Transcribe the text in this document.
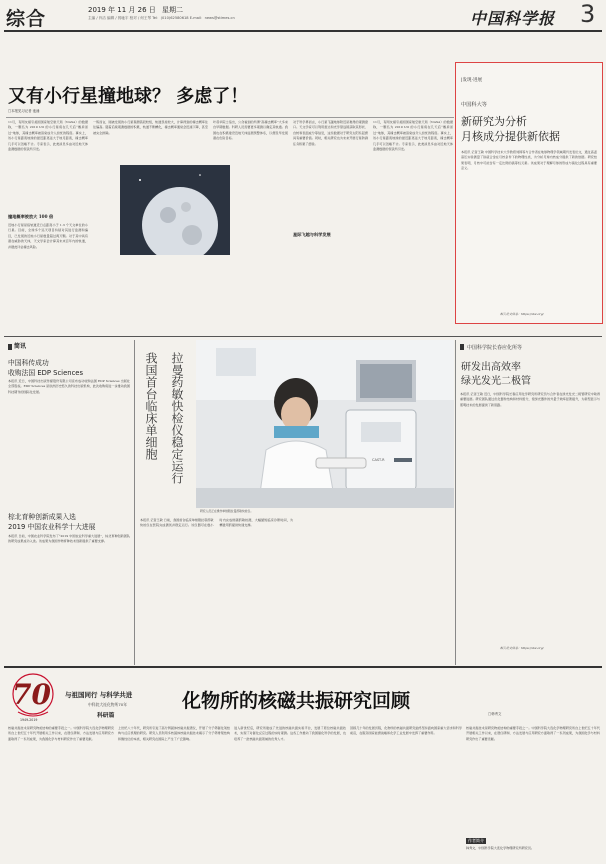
综合	2019 年 11 月 26 日 星期二
主编 / 肖洁 编辑 / 郭驰宇 校对 / 何王琴 Tel：(010)62580618 E-mail：news@stimes.cn	中国科学报 3
又有小行星撞地球？ 多虑了！
□本报见习记者 池涌
11月，有网友援引美国国家航空航天局（NASA）的数据称，一颗名为 2019 UO 的小行星将在几天后“擦肩而过”地球，其撞击概率被渲染成令人担忧的程度。事实上，该小行星距离地球的最近距离远大于地月距离，撞击概率几乎可以忽略不计。专家表示，此类消息多由对近地天体监测数据的误读所引发。
撞地概率被放大 100 倍
近地小行星是指轨道近日点距离小于 1.3 个天文单位的小行星。目前，全球多个巡天项目持续对其进行监测和编目，已发现的近地小行星数量超过两万颗。对于其中具有潜在威胁的天体，天文学家会计算其未来百年内的轨道，并据此评估撞击风险。
一般而言，刚被发现的小行星观测弧段较短，轨道误差较大，计算得到的撞击概率往往偏高。随着后续观测数据的积累，轨道不断精化，撞击概率通常会迅速下降，甚至被完全排除。
叶叔华院士指出，公众看到的所谓“高撞击概率”大多来自早期数据。科研人员需要更多观测以确定其轨道。我国也在积极建设近地天体监测预警体系，以便及早发现潜在危险目标。
星际飞越与科学发展
对于科学界而言，小行星飞越地球附近是难得的观测窗口。天文学家可以利用雷达和光学望远镜获取其形状、自转和表面成分等信息，这些数据对于研究太阳系起源具有重要价值。同时，相关研究也为未来开展行星防御任务积累了经验。
11月，有网友援引美国国家航空航天局（NASA）的数据称，一颗名为 2019 UO 的小行星将在几天后“擦肩而过”地球，其撞击概率被渲染成令人担忧的程度。事实上，该小行星距离地球的最近距离远大于地月距离，撞击概率几乎可以忽略不计。专家表示，此类消息多由对近地天体监测数据的误读所引发。
|发现·进展
中国科大等
新研究为分析
月核成分提供新依据
本报讯 记者王敏 中国科学技术大学教授刘锦等与合作者在地球物理学领域期刊发表论文，通过高温高压实验测量了铁硫合金在月核条件下的物理性质，为分析月球内核成分提供了新的依据。研究结果表明，月核中可能含有一定比例的硫等轻元素。该成果对于理解月球的形成与演化过程具有重要意义。
相关论文信息：https://doi.org/
简讯
中国科传成功
收购法国 EDP Sciences
本报讯 近日，中国科技出版传媒股份有限公司宣布成功收购法国 EDP Sciences 出版社全部股权。EDP Sciences 是欧洲历史悠久的科技出版机构，此次收购将进一步推动我国科技期刊的国际化发展。
棕北育种创新成果入选
2019 中国农业科学十大进展
本报讯 日前，中国农业科学院发布了“2019 中国农业科学重大进展”，棕北育种创新团队的研究成果成功入选。该成果为我国作物育种技术创新提供了重要支撑。
拉曼药敏快检仪稳定运行
我国首台临床单细胞	CAST-R
研究人员正在操作单细胞拉曼药敏快检仪。
本报讯 记者王敏 日前，我国首台临床单细胞拉曼药敏快检仪在医院完成测试并稳定运行。该仪器可在数小时内完成细菌药敏检测，大幅缩短临床诊断时间，为精准用药提供快速支撑。
中国科学院长春应化所等
研发出高效率
绿光发光二极管
本报讯 记者王敏 近日，中国科学院长春应用化学研究所研究员与合作者在绿光发光二极管研究中取得重要进展。研究团队通过优化器件结构和材料组分，使绿光器件的外量子效率显著提升，为新型显示与照明技术的发展提供了新思路。
相关论文信息：https://doi.org/
70
1949-2019
与祖国同行 与科学共进
中科院大连化物所70年
科研篇
化物所的核磁共振研究回顾
□韩秀文
核磁共振技术是研究物质结构的重要手段之一。中国科学院大连化学物理研究所自上世纪五十年代开展相关工作以来，在谱仪研制、方法发展与应用研究方面取得了一系列成果，为我国化学与材料研究作出了重要贡献。
上世纪八十年代，研究所引进了高分辨固体核磁共振谱仪，开展了分子筛催化剂结构与反应机理的研究。研究人员利用多核固体核磁共振技术揭示了分子筛骨架结构和酸性位的本质，相关研究在国际上产生了广泛影响。
进入新世纪后，研究所建成了先进的核磁共振实验平台，发展了原位核磁共振技术，实现了对催化反应过程的实时观测。这些工作推动了我国催化科学的发展，也培养了一批核磁共振领域的优秀人才。
回顾几十年的发展历程，化物所的核磁共振研究始终坚持面向国家重大需求和科学前沿，在服务国家能源战略和化学工业发展中发挥了重要作用。
核磁共振技术是研究物质结构的重要手段之一。中国科学院大连化学物理研究所自上世纪五十年代开展相关工作以来，在谱仪研制、方法发展与应用研究方面取得了一系列成果，为我国化学与材料研究作出了重要贡献。
作者简介
韩秀文，中国科学院大连化学物理研究所研究员。
